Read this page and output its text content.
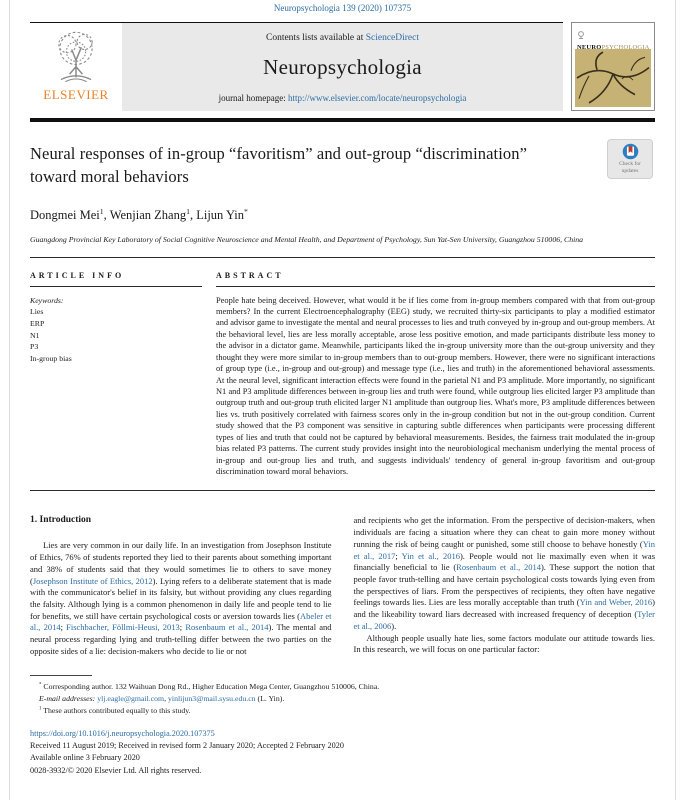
Neuropsychologia 139 (2020) 107375
ELSEVIER
Contents lists available at ScienceDirect
Neuropsychologia
journal homepage: http://www.elsevier.com/locate/neuropsychologia
NEUROPSYCHOLOGIA
Neural responses of in-group “favoritism” and out-group “discrimination” toward moral behaviors
Check for
updates
Dongmei Mei$^1$, Wenjian Zhang$^1$, Lijun Yin*
Guangdong Provincial Key Laboratory of Social Cognitive Neuroscience and Mental Health, and Department of Psychology, Sun Yat-Sen University, Guangzhou 510006, China
ARTICLE INFO
Keywords:
Lies
ERP
N1
P3
In-group bias
ABSTRACT
People hate being deceived. However, what would it be if lies come from in-group members compared with that from out-group members? In the current Electroencephalography (EEG) study, we recruited thirty-six participants to play a modified estimator and advisor game to investigate the mental and neural processes to lies and truth conveyed by in-group and out-group members. At the behavioral level, lies are less morally acceptable, arose less positive emotion, and made participants distribute less money to the advisor in a dictator game. Meanwhile, participants liked the in-group university more than the out-group university and they thought they were more similar to in-group members than to out-group members. However, there were no significant interactions of group type (i.e., in-group and out-group) and message type (i.e., lies and truth) in the aforementioned behavioral assessments. At the neural level, significant interaction effects were found in the parietal N1 and P3 amplitude. More importantly, no significant N1 and P3 amplitude differences between in-group lies and truth were found, while outgroup lies elicited larger P3 amplitude than outgroup truth and out-group truth elicited larger N1 amplitude than outgroup lies. What's more, P3 amplitude differences between lies vs. truth positively correlated with fairness scores only in the in-group condition but not in the out-group condition. Current study showed that the P3 component was sensitive in capturing subtle differences when participants were processing different types of lies and truth that could not be captured by behavioral measurements. Besides, the fairness trait modulated the in-group bias related P3 patterns. The current study provides insight into the neurobiological mechanism underlying the mental process of in-group and out-group lies and truth, and suggests individuals' tendency of general in-group favoritism and out-group discrimination toward moral behaviors.
1. Introduction

Lies are very common in our daily life. In an investigation from Josephson Institute of Ethics, 76% of students reported they lied to their parents about something important and 38% of students said that they would sometimes lie to others to save money (Josephson Institute of Ethics, 2012). Lying refers to a deliberate statement that is made with the communicator's belief in its falsity, but without providing any clues regarding the falsity. Although lying is a common phenomenon in daily life and people tend to lie for benefits, we still have certain psychological costs or aversion towards lies (Abeler et al., 2014; Fischbacher, Föllmi-Heusi, 2013; Rosenbaum et al., 2014). The mental and neural process regarding lying and truth-telling differ between the two parties on the opposite sides of a lie: decision-makers who decide to lie or not

and recipients who get the information. From the perspective of decision-makers, when individuals are facing a situation where they can cheat to gain more money without running the risk of being caught or punished, some still choose to behave honestly (Yin et al., 2017; Yin et al., 2016). People would not lie maximally even when it was financially beneficial to lie (Rosenbaum et al., 2014). These support the notion that people favor truth-telling and have certain psychological costs towards lying even from the perspectives of liars. From the perspectives of recipients, they often have negative feelings towards lies. Lies are less morally acceptable than truth (Yin and Weber, 2016) and the likeability toward liars decreased with increased frequency of deception (Tyler et al., 2006).

Although people usually hate lies, some factors modulate our attitude towards lies. In this research, we will focus on one particular factor:

* Corresponding author. 132 Waihuan Dong Rd., Higher Education Mega Center, Guangzhou 510006, China.
E-mail addresses: ylj.eagle@gmail.com, yinlijun3@mail.sysu.edu.cn (L. Yin).
$^1$ These authors contributed equally to this study.
https://doi.org/10.1016/j.neuropsychologia.2020.107375
Received 11 August 2019; Received in revised form 2 January 2020; Accepted 2 February 2020
Available online 3 February 2020
0028-3932/© 2020 Elsevier Ltd. All rights reserved.
